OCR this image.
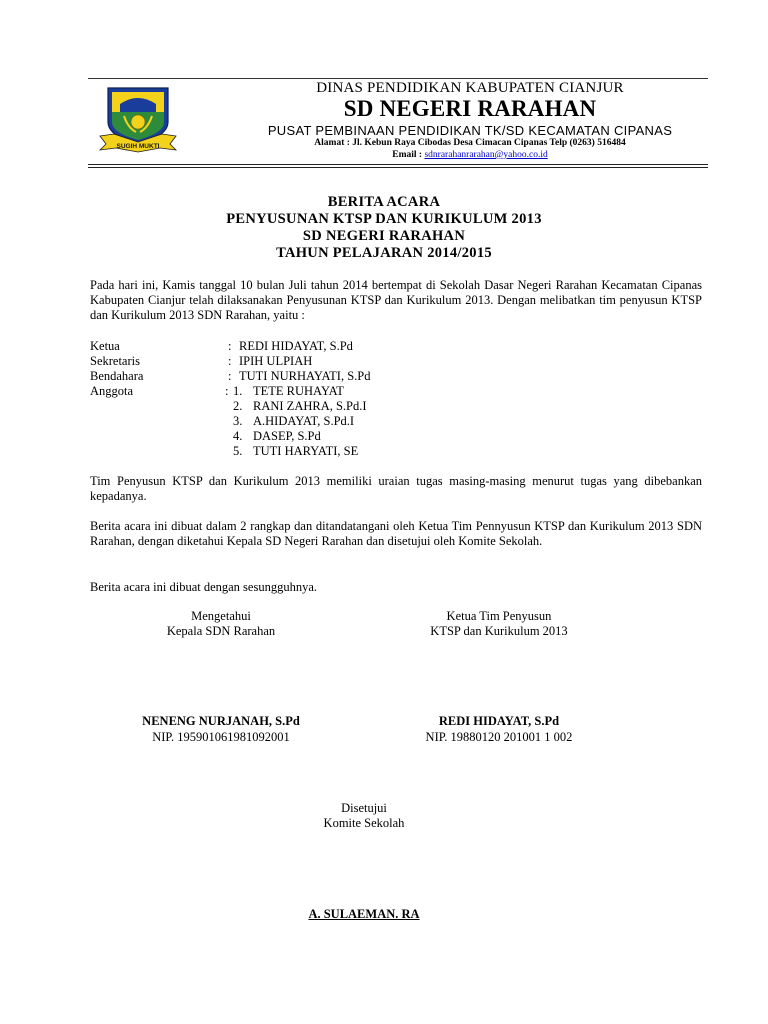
SUGIH MUKTI
DINAS PENDIDIKAN KABUPATEN CIANJUR
SD NEGERI RARAHAN
PUSAT PEMBINAAN PENDIDIKAN TK/SD KECAMATAN CIPANAS
Alamat : Jl. Kebun Raya Cibodas Desa Cimacan Cipanas Telp (0263) 516484
Email : sdnrarahanrarahan@yahoo.co.id
BERITA ACARA
PENYUSUNAN KTSP DAN KURIKULUM 2013
SD NEGERI RARAHAN
TAHUN PELAJARAN 2014/2015
Pada hari ini, Kamis tanggal 10 bulan Juli tahun 2014 bertempat di Sekolah Dasar Negeri Rarahan Kecamatan Cipanas Kabupaten Cianjur telah dilaksanakan Penyusunan KTSP dan Kurikulum 2013. Dengan melibatkan tim penyusun KTSP dan Kurikulum 2013 SDN Rarahan, yaitu :
Ketua	: REDI HIDAYAT, S.Pd
Sekretaris	: IPIH ULPIAH
Bendahara	: TUTI NURHAYATI, S.Pd
Anggota	: 1. TETE RUHAYAT
2. RANI ZAHRA, S.Pd.I
3. A.HIDAYAT, S.Pd.I
4. DASEP, S.Pd
5. TUTI HARYATI, SE
Tim Penyusun KTSP dan Kurikulum 2013 memiliki uraian tugas masing-masing menurut tugas yang dibebankan kepadanya.
Berita acara ini dibuat dalam 2 rangkap dan ditandatangani oleh Ketua Tim Pennyusun KTSP dan Kurikulum 2013 SDN Rarahan, dengan diketahui Kepala SD Negeri Rarahan dan disetujui oleh Komite Sekolah.
Berita acara ini dibuat dengan sesungguhnya.
Mengetahui
Kepala SDN Rarahan
Ketua Tim Penyusun
KTSP dan Kurikulum 2013
NENENG NURJANAH, S.Pd
NIP. 195901061981092001
REDI HIDAYAT, S.Pd
NIP. 19880120 201001 1 002
Disetujui
Komite Sekolah
A. SULAEMAN. RA
